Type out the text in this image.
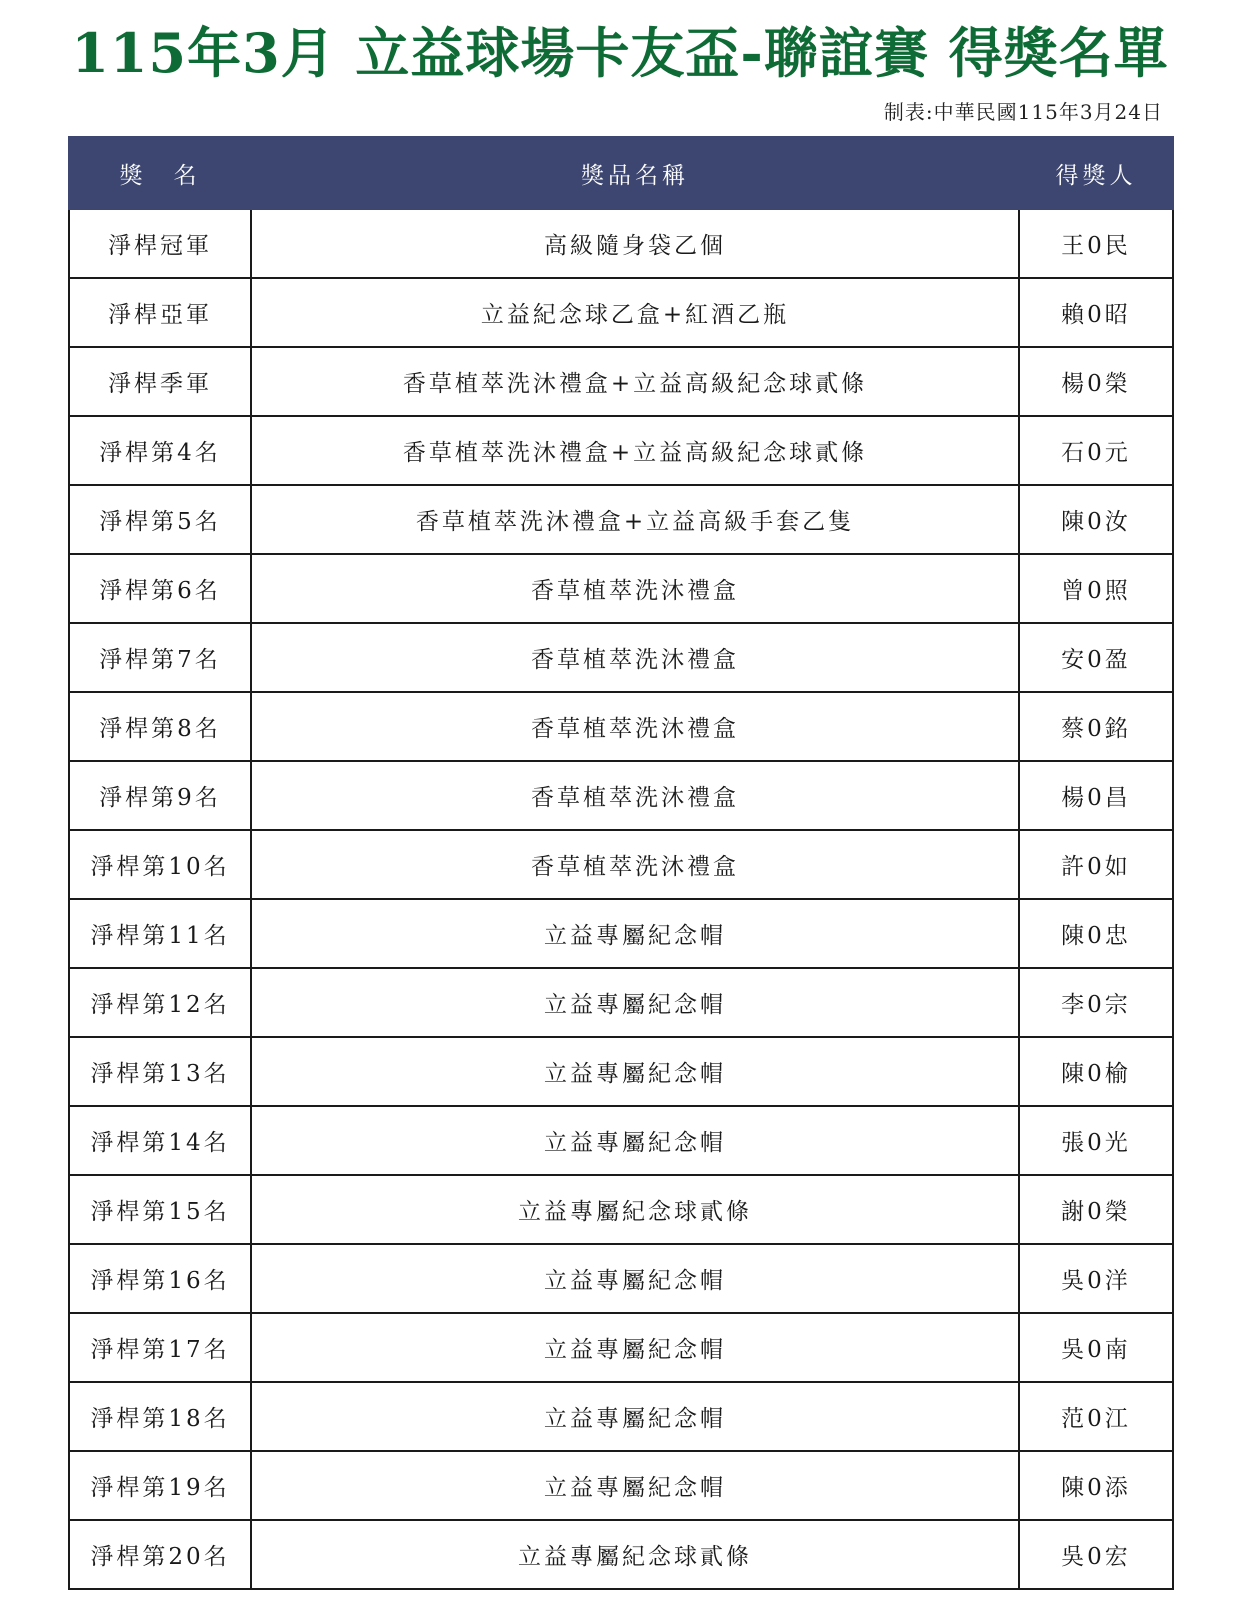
115年3月 立益球場卡友盃-聯誼賽 得獎名單
制表:中華民國115年3月24日
獎　名	獎品名稱	得獎人
淨桿冠軍	高級隨身袋乙個	王0民
淨桿亞軍	立益紀念球乙盒+紅酒乙瓶	賴0昭
淨桿季軍	香草植萃洗沐禮盒+立益高級紀念球貳條	楊0榮
淨桿第4名	香草植萃洗沐禮盒+立益高級紀念球貳條	石0元
淨桿第5名	香草植萃洗沐禮盒+立益高級手套乙隻	陳0汝
淨桿第6名	香草植萃洗沐禮盒	曾0照
淨桿第7名	香草植萃洗沐禮盒	安0盈
淨桿第8名	香草植萃洗沐禮盒	蔡0銘
淨桿第9名	香草植萃洗沐禮盒	楊0昌
淨桿第10名	香草植萃洗沐禮盒	許0如
淨桿第11名	立益專屬紀念帽	陳0忠
淨桿第12名	立益專屬紀念帽	李0宗
淨桿第13名	立益專屬紀念帽	陳0榆
淨桿第14名	立益專屬紀念帽	張0光
淨桿第15名	立益專屬紀念球貳條	謝0榮
淨桿第16名	立益專屬紀念帽	吳0洋
淨桿第17名	立益專屬紀念帽	吳0南
淨桿第18名	立益專屬紀念帽	范0江
淨桿第19名	立益專屬紀念帽	陳0添
淨桿第20名	立益專屬紀念球貳條	吳0宏
